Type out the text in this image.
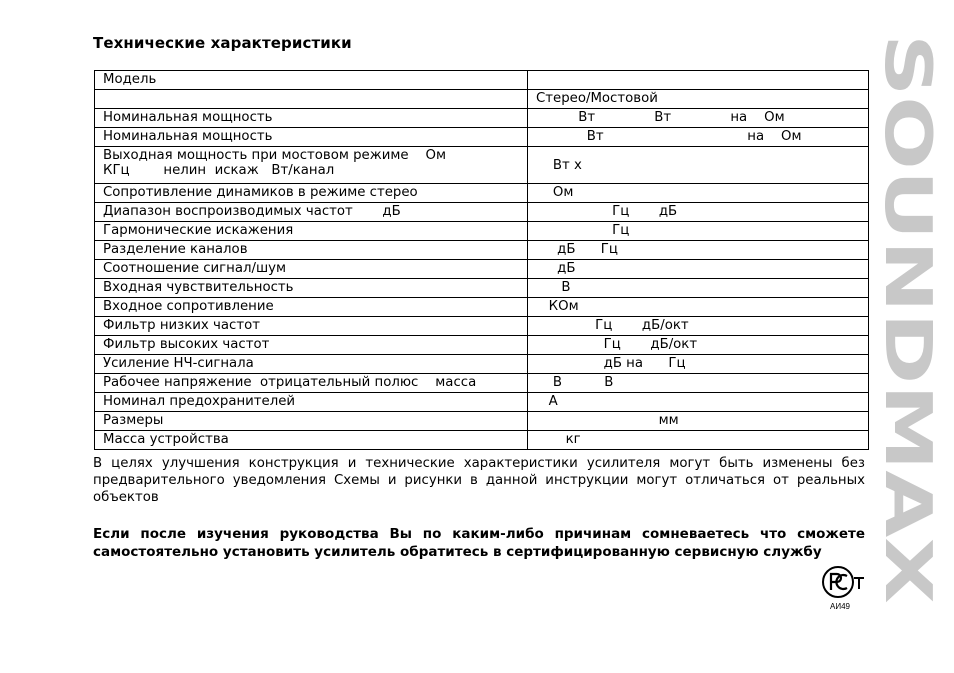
Технические характеристики
Модель	
	Стерео/Мостовой
Номинальная мощность	Вт              Вт              на    Ом
Номинальная мощность	Вт                                  на    Ом
Выходная мощность при мостовом режиме    Ом
КГц        нелин  искаж   Вт/канал	Вт х
Сопротивление динамиков в режиме стерео	Ом
Диапазон воспроизводимых частот       дБ	Гц       дБ
Гармонические искажения	Гц
Разделение каналов	дБ      Гц
Соотношение сигнал/шум	дБ
Входная чувствительность	В
Входное сопротивление	КОм
Фильтр низких частот	Гц       дБ/окт
Фильтр высоких частот	Гц       дБ/окт
Усиление НЧ-сигнала	дБ на      Гц
Рабочее напряжение  отрицательный полюс    масса	В          В
Номинал предохранителей	А
Размеры	мм
Масса устройства	кг
В целях улучшения конструкция и технические характеристики усилителя могут быть изменены без предварительного уведомления Схемы и рисунки в данной инструкции могут отличаться от реальных объектов
Если после изучения руководства Вы по каким-либо причинам сомневаетесь что сможете самостоятельно установить усилитель обратитесь в сертифицированную сервисную службу
SOUNDMAX
АИ49
